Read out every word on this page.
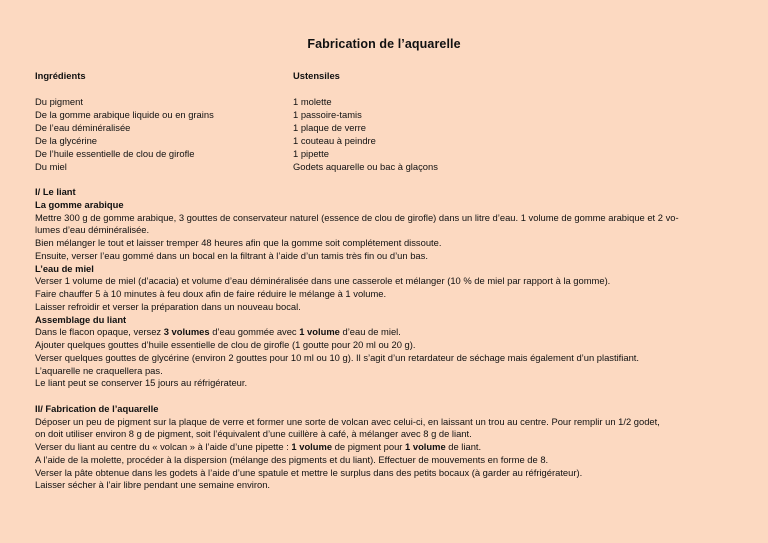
Fabrication de l’aquarelle
Ingrédients
Du pigment
De la gomme arabique liquide ou en grains
De l’eau déminéralisée
De la glycérine
De l’huile essentielle de clou de girofle
Du miel
Ustensiles
1 molette
1 passoire-tamis
1 plaque de verre
1 couteau à peindre
1 pipette
Godets aquarelle ou bac à glaçons

I/ Le liant

La gomme arabique

Mettre 300 g de gomme arabique, 3 gouttes de conservateur naturel (essence de clou de girofle) dans un litre d’eau. 1 volume de gomme arabique et 2 vo-

lumes d’eau déminéralisée.

Bien mélanger le tout et laisser tremper 48 heures afin que la gomme soit complétement dissoute.

Ensuite, verser l’eau gommé dans un bocal en la filtrant à l’aide d’un tamis très fin ou d’un bas.

L’eau de miel

Verser 1 volume de miel (d’acacia) et volume d’eau déminéralisée dans une casserole et mélanger (10 % de miel par rapport à la gomme).

Faire chauffer 5 à 10 minutes à feu doux afin de faire réduire le mélange à 1 volume.

Laisser refroidir et verser la préparation dans un nouveau bocal.

Assemblage du liant

Dans le flacon opaque, versez 3 volumes d’eau gommée avec 1 volume d’eau de miel.

Ajouter quelques gouttes d’huile essentielle de clou de girofle (1 goutte pour 20 ml ou 20 g).

Verser quelques gouttes de glycérine (environ 2 gouttes pour 10 ml ou 10 g). Il s’agit d’un retardateur de séchage mais également d’un plastifiant.

L’aquarelle ne craquellera pas.

Le liant peut se conserver 15 jours au réfrigérateur.

II/ Fabrication de l’aquarelle

Déposer un peu de pigment sur la plaque de verre et former une sorte de volcan avec celui-ci, en laissant un trou au centre. Pour remplir un 1/2 godet,

on doit utiliser environ 8 g de pigment, soit l’équivalent d’une cuillère à café, à mélanger avec 8 g de liant.

Verser du liant au centre du « volcan » à l’aide d’une pipette : 1 volume de pigment pour 1 volume de liant.

A l’aide de la molette, procéder à la dispersion (mélange des pigments et du liant). Effectuer de mouvements en forme de 8.

Verser la pâte obtenue dans les godets à l’aide d’une spatule et mettre le surplus dans des petits bocaux (à garder au réfrigérateur).

Laisser sécher à l’air libre pendant une semaine environ.
